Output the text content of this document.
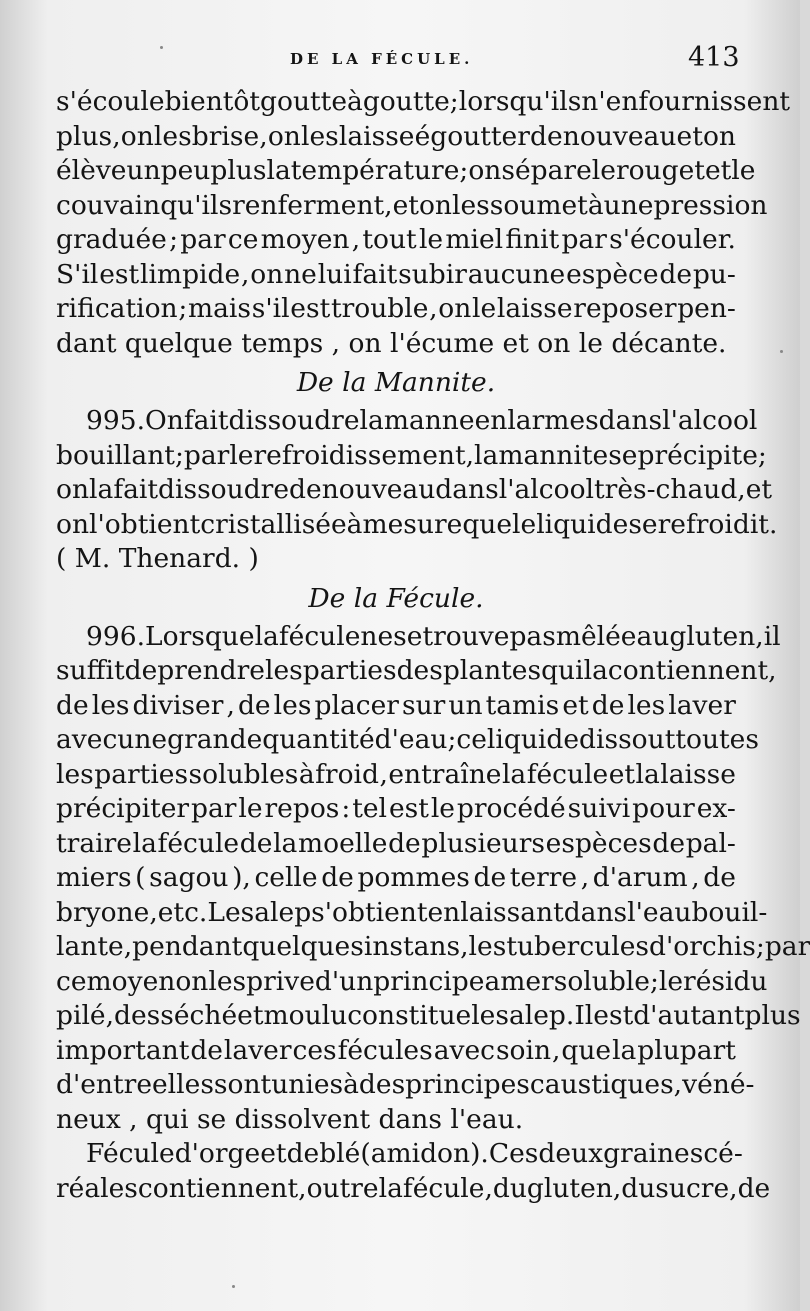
DE LA FÉCULE.	413
s'écoule bientôt goutte à goutte ; lorsqu'ils n'en fournissent
plus , on les brise , on les laisse égoutter de nouveau et on
élève un peu plus la température ; on sépare le rouget et le
couvain qu'ils renferment , et on les soumet à une pression
graduée ; par ce moyen , tout le miel finit par s'écouler.
S'il est limpide , on ne lui fait subir aucune espèce de pu-
rification ; mais s'il est trouble , on le laisse reposer pen-
dant quelque temps , on l'écume et on le décante.
De la Mannite.
995. On fait dissoudre la manne en larmes dans l'alcool
bouillant ; par le refroidissement , la mannite se précipite ;
on la fait dissoudre de nouveau dans l'alcool très-chaud , et
on l'obtient cristallisée à mesure que le liquide se refroidit.
( M. Thenard. )
De la Fécule.
996. Lorsque la fécule ne se trouve pas mêlée au gluten , il
suffit de prendre les parties des plantes qui la contiennent ,
de les diviser , de les placer sur un tamis et de les laver
avec une grande quantité d'eau ; ce liquide dissout toutes
les parties solubles à froid , entraîne la fécule et la laisse
précipiter par le repos : tel est le procédé suivi pour ex-
traire la fécule de la moelle de plusieurs espèces de pal-
miers ( sagou ), celle de pommes de terre , d'arum , de
bryone , etc. Le salep s'obtient en laissant dans l'eau bouil-
lante , pendant quelques instans , les tubercules d'orchis ; par
ce moyen on les prive d'un principe amer soluble ; le résidu
pilé, desséché et moulu constitue le salep. Il est d'autant plus
important de laver ces fécules avec soin , que la plupart
d'entre elles sont unies à des principes caustiques , véné-
neux , qui se dissolvent dans l'eau.
Fécule d'orge et de blé ( amidon ). Ces deux graines cé-
réales contiennent , outre la fécule , du gluten , du sucre , de
